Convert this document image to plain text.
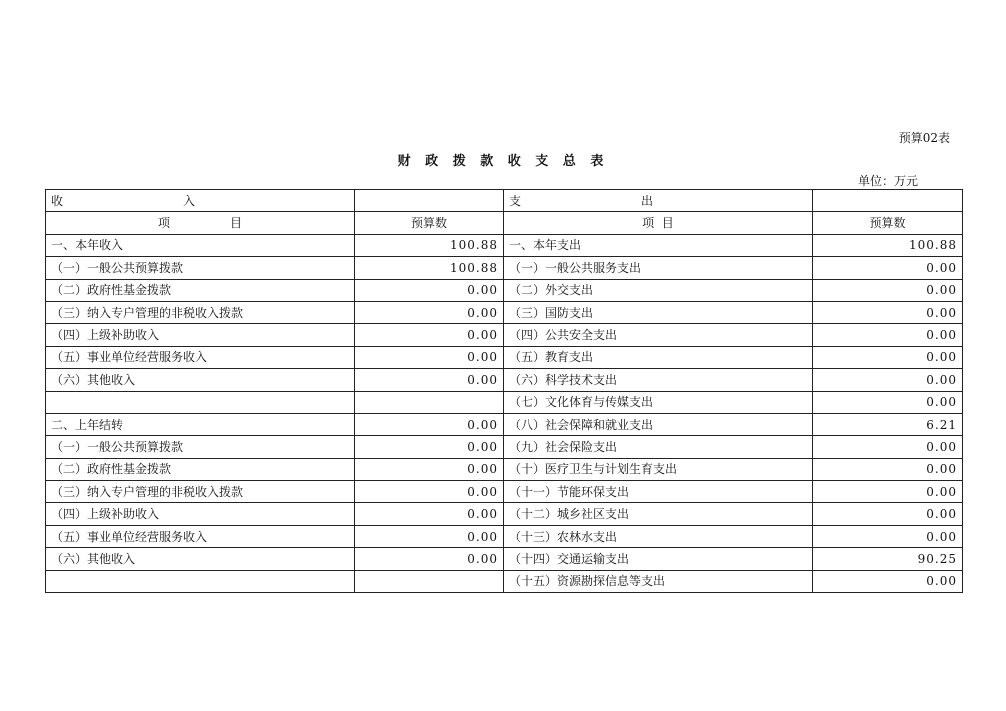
预算02表
财 政 拨 款 收 支 总 表
单位：万元
收 入		支 出	
项 目	预算数	项  目	预算数
一、本年收入	100.88	一、本年支出	100.88
（一）一般公共预算拨款	100.88	（一）一般公共服务支出	0.00
（二）政府性基金拨款	0.00	（二）外交支出	0.00
（三）纳入专户管理的非税收入拨款	0.00	（三）国防支出	0.00
（四）上级补助收入	0.00	（四）公共安全支出	0.00
（五）事业单位经营服务收入	0.00	（五）教育支出	0.00
（六）其他收入	0.00	（六）科学技术支出	0.00
		（七）文化体育与传媒支出	0.00
二、上年结转	0.00	（八）社会保障和就业支出	6.21
（一）一般公共预算拨款	0.00	（九）社会保险支出	0.00
（二）政府性基金拨款	0.00	（十）医疗卫生与计划生育支出	0.00
（三）纳入专户管理的非税收入拨款	0.00	（十一）节能环保支出	0.00
（四）上级补助收入	0.00	（十二）城乡社区支出	0.00
（五）事业单位经营服务收入	0.00	（十三）农林水支出	0.00
（六）其他收入	0.00	（十四）交通运输支出	90.25
		（十五）资源勘探信息等支出	0.00
